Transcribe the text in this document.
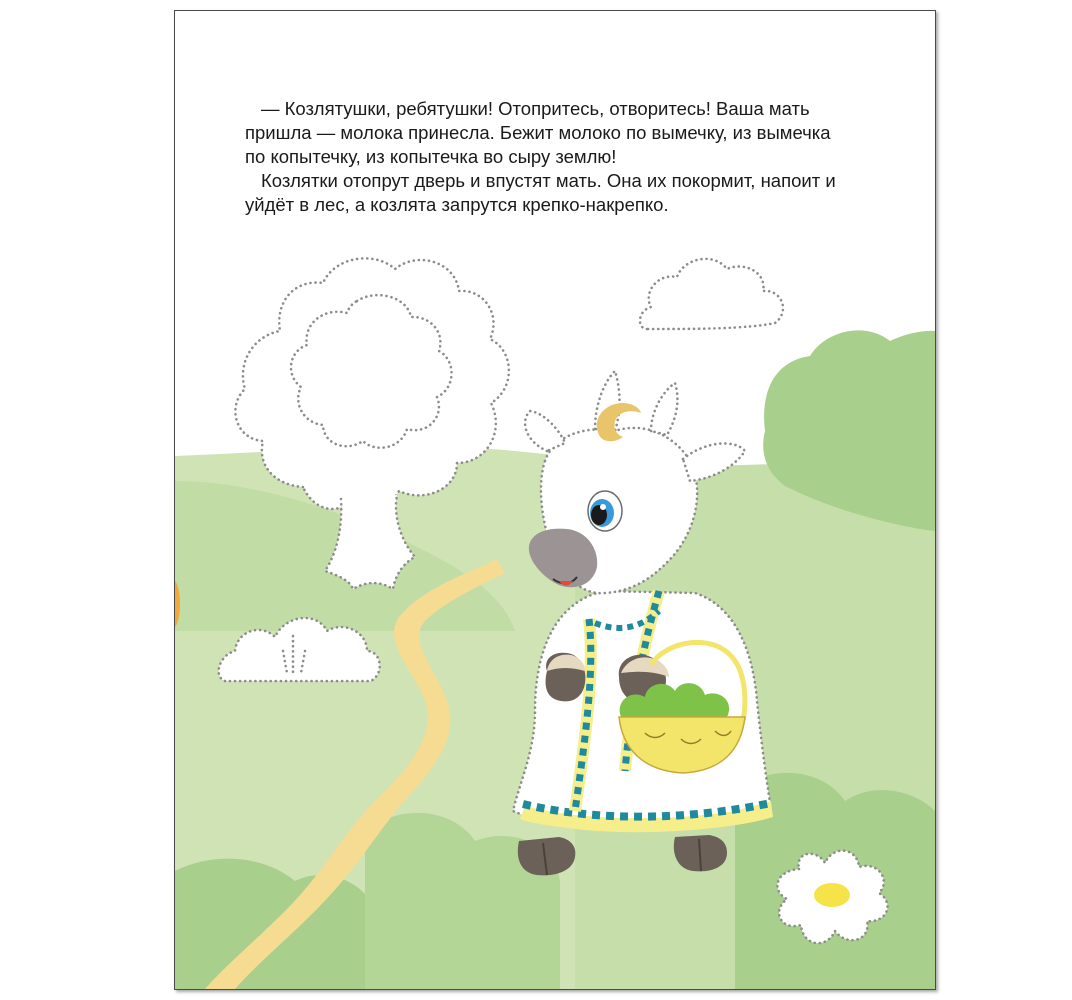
— Козлятушки, ребятушки! Отопритесь, отворитесь! Ваша мать пришла — молока принесла. Бежит молоко по вымечку, из вымечка по копытечку, из копытечка во сыру землю!

Козлятки отопрут дверь и впустят мать. Она их покормит, напоит и уйдёт в лес, а козлята запрутся крепко-накрепко.
